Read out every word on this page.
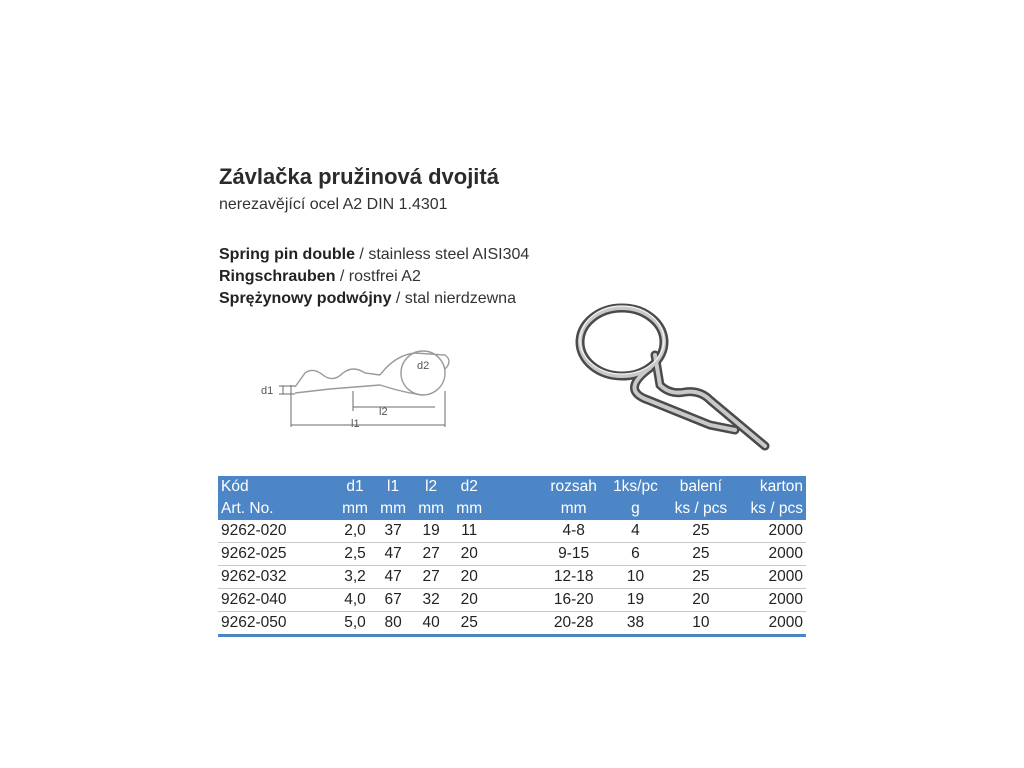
Závlačka pružinová dvojitá
nerezavějící ocel A2 DIN 1.4301
Spring pin double / stainless steel AISI304
Ringschrauben / rostfrei A2
Sprężynowy podwójny / stal nierdzewna
d1
d2
l2
l1
Kód	d1	l1	l2	d2		rozsah	1ks/pc	balení	karton
Art. No.	mm	mm	mm	mm		mm	g	ks / pcs	ks / pcs
9262-020	2,0	37	19	11		4-8	4	25	2000
9262-025	2,5	47	27	20		9-15	6	25	2000
9262-032	3,2	47	27	20		12-18	10	25	2000
9262-040	4,0	67	32	20		16-20	19	20	2000
9262-050	5,0	80	40	25		20-28	38	10	2000
